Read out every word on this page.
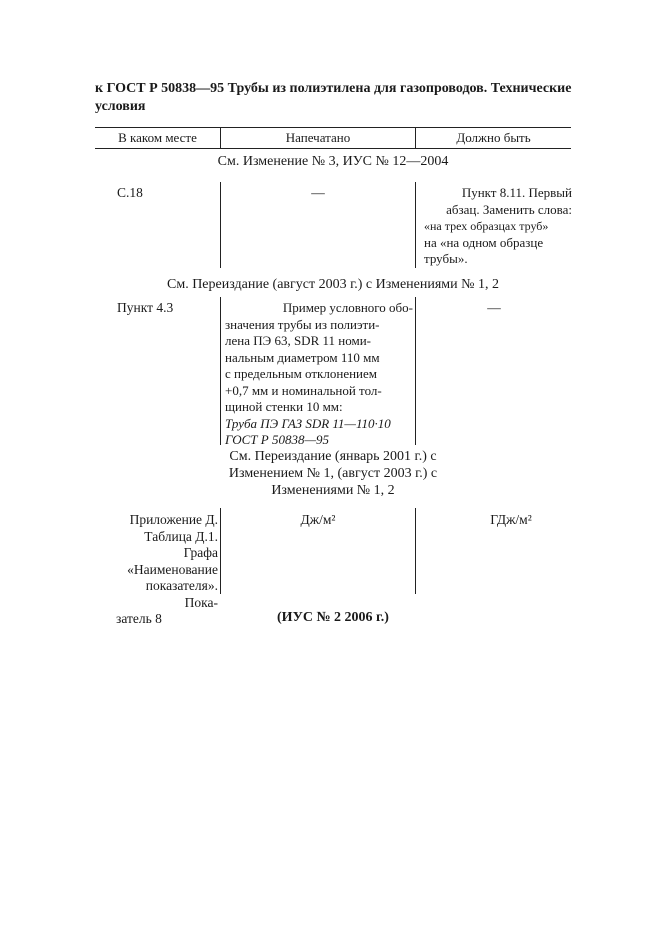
к ГОСТ Р 50838—95 Трубы из полиэтилена для газопроводов. Технические условия
В каком месте	Напечатано	Должно быть
См. Изменение № 3, ИУС № 12—2004
С.18	—	Пункт 8.11. Первый
абзац. Заменить слова:
«на трех образцах труб»
на «на одном образце
трубы».
См. Переиздание (август 2003 г.) с Изменениями № 1, 2
Пункт 4.3	Пример условного обо-
значения трубы из полиэти-
лена ПЭ 63, SDR 11 номи-
нальным диаметром 110 мм
с предельным отклонением
+0,7 мм и номинальной тол-
щиной стенки 10 мм:
Труба ПЭ ГАЗ SDR 11—110·10
ГОСТ Р 50838—95
—
См. Переиздание (январь 2001 г.) с
Изменением № 1, (август 2003 г.) с
Изменениями № 1, 2
Приложение Д.
Таблица Д.1. Графа
«Наименование
показателя». Пока-
затель 8
Дж/м²	ГДж/м²
(ИУС № 2 2006 г.)
